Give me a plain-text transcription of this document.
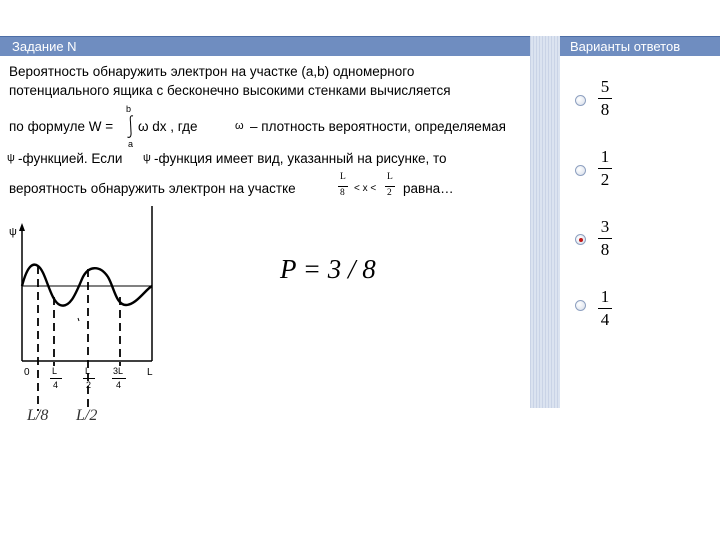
Задание N
Вероятность обнаружить электрон на участке (a,b) одномерного
потенциального ящика с бесконечно высокими стенками вычисляется
b
по формуле W = ω dx , где	ω – плотность вероятности, определяемая
a
ψ -функцией. Если ψ -функция имеет вид, указанный на рисунке, то
вероятность обнаружить электрон на участке
L
8 < x <
L
2 равна…
ψ
0 L
4
L
2
3L
4
L
P = 3 / 8
L/8 L/2
Варианты ответов
5
8
1
2
3
8
1
4
